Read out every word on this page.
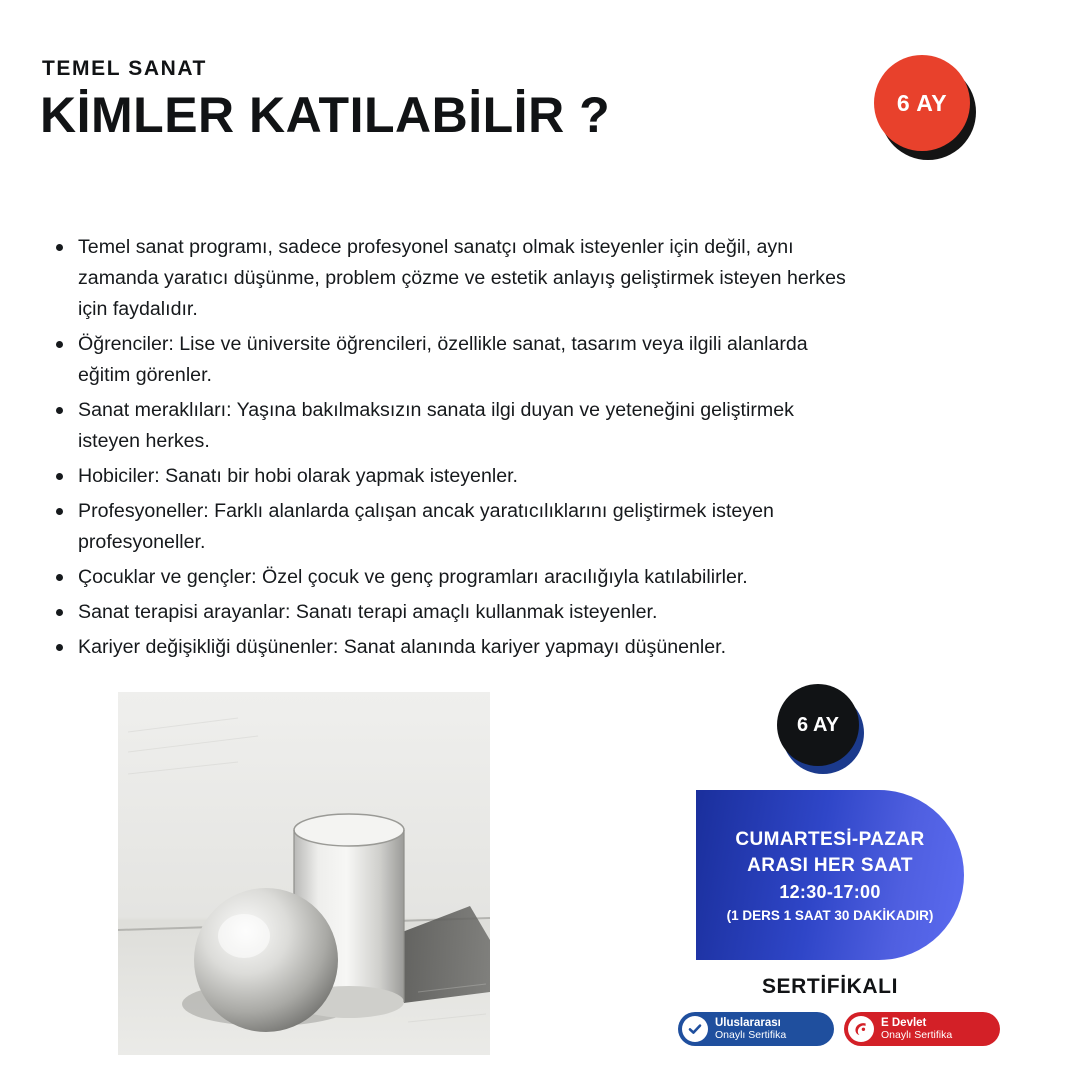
TEMEL SANAT
KİMLER KATILABİLİR ?	6 AY
Temel sanat programı, sadece profesyonel sanatçı olmak isteyenler için değil, aynı zamanda yaratıcı düşünme, problem çözme ve estetik anlayış geliştirmek isteyen herkes için faydalıdır.
Öğrenciler: Lise ve üniversite öğrencileri, özellikle sanat, tasarım veya ilgili alanlarda eğitim görenler.
Sanat meraklıları: Yaşına bakılmaksızın sanata ilgi duyan ve yeteneğini geliştirmek isteyen herkes.
Hobiciler: Sanatı bir hobi olarak yapmak isteyenler.
Profesyoneller: Farklı alanlarda çalışan ancak yaratıcılıklarını geliştirmek isteyen profesyoneller.
Çocuklar ve gençler: Özel çocuk ve genç programları aracılığıyla katılabilirler.
Sanat terapisi arayanlar: Sanatı terapi amaçlı kullanmak isteyenler.
Kariyer değişikliği düşünenler: Sanat alanında kariyer yapmayı düşünenler.
6 AY
CUMARTESİ-PAZAR
ARASI HER SAAT
12:30-17:00
(1 DERS 1 SAAT 30 DAKİKADIR)
SERTİFİKALI
Uluslararası
Onaylı Sertifika
E Devlet
Onaylı Sertifika
